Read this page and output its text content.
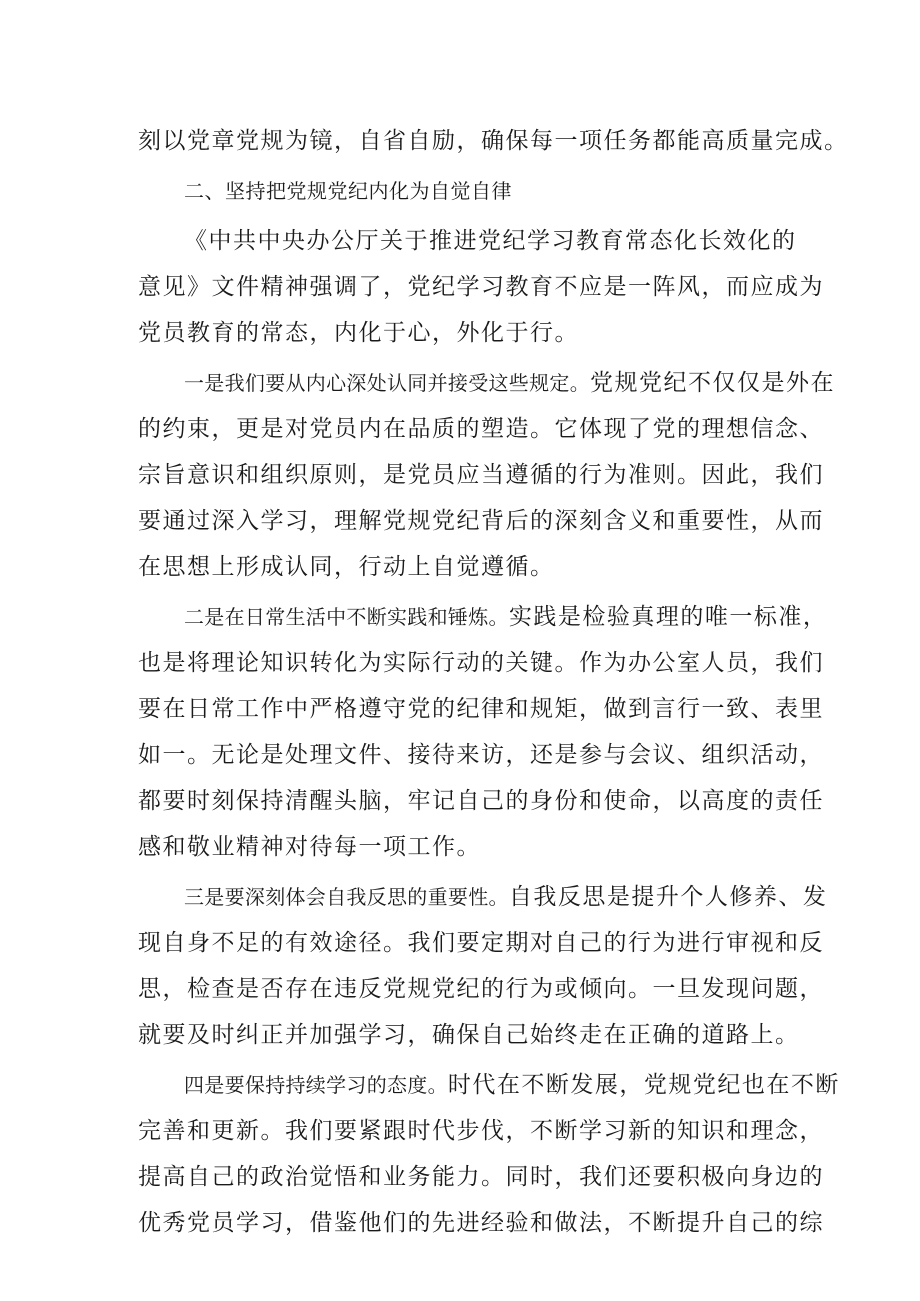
刻以党章党规为镜，自省自励，确保每一项任务都能高质量完成。
二、坚持把党规党纪内化为自觉自律
《中共中央办公厅关于推进党纪学习教育常态化长效化的
意见》文件精神强调了，党纪学习教育不应是一阵风，而应成为
党员教育的常态，内化于心，外化于行。
一是我们要从内心深处认同并接受这些规定。党规党纪不仅仅是外在
的约束，更是对党员内在品质的塑造。它体现了党的理想信念、
宗旨意识和组织原则，是党员应当遵循的行为准则。因此，我们
要通过深入学习，理解党规党纪背后的深刻含义和重要性，从而
在思想上形成认同，行动上自觉遵循。
二是在日常生活中不断实践和锤炼。实践是检验真理的唯一标准，
也是将理论知识转化为实际行动的关键。作为办公室人员，我们
要在日常工作中严格遵守党的纪律和规矩，做到言行一致、表里
如一。无论是处理文件、接待来访，还是参与会议、组织活动，
都要时刻保持清醒头脑，牢记自己的身份和使命，以高度的责任
感和敬业精神对待每一项工作。
三是要深刻体会自我反思的重要性。自我反思是提升个人修养、发
现自身不足的有效途径。我们要定期对自己的行为进行审视和反
思，检查是否存在违反党规党纪的行为或倾向。一旦发现问题，
就要及时纠正并加强学习，确保自己始终走在正确的道路上。
四是要保持持续学习的态度。时代在不断发展，党规党纪也在不断
完善和更新。我们要紧跟时代步伐，不断学习新的知识和理念，
提高自己的政治觉悟和业务能力。同时，我们还要积极向身边的
优秀党员学习，借鉴他们的先进经验和做法，不断提升自己的综
